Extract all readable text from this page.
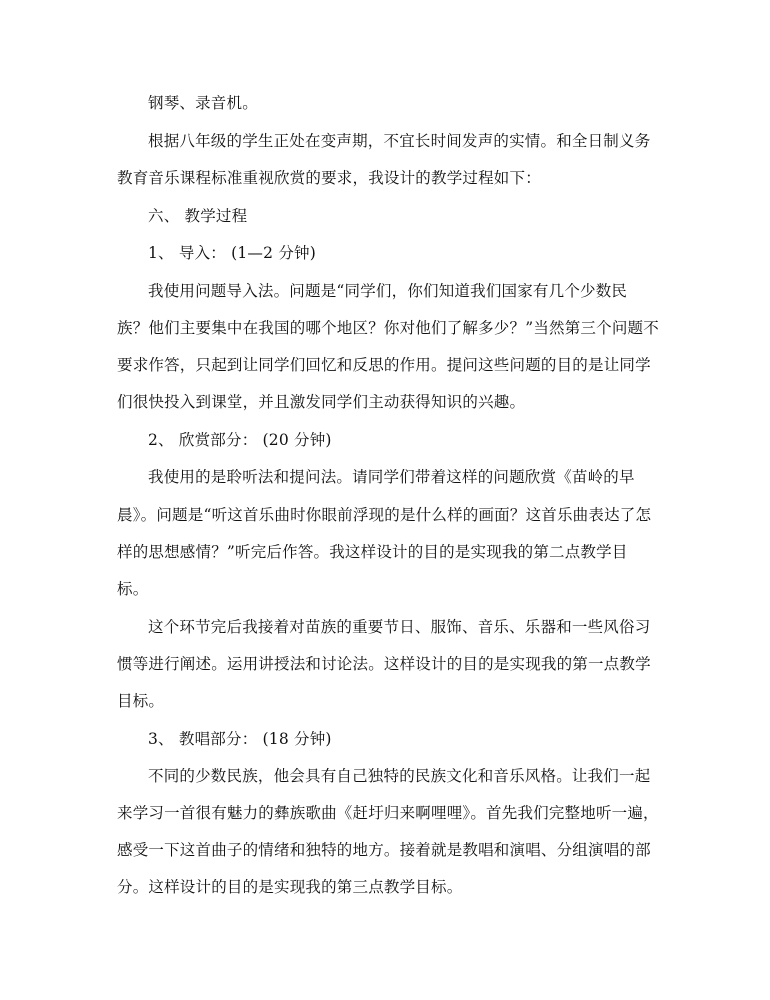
钢琴、录音机。
根据八年级的学生正处在变声期，不宜长时间发声的实情。和全日制义务
教育音乐课程标准重视欣赏的要求，我设计的教学过程如下：
六、 教学过程
1、 导入： (1—2 分钟)
我使用问题导入法。问题是“同学们，你们知道我们国家有几个少数民
族？他们主要集中在我国的哪个地区？你对他们了解多少？”当然第三个问题不
要求作答，只起到让同学们回忆和反思的作用。提问这些问题的目的是让同学
们很快投入到课堂，并且激发同学们主动获得知识的兴趣。
2、 欣赏部分： (20 分钟)
我使用的是聆听法和提问法。请同学们带着这样的问题欣赏《苗岭的早
晨》。问题是“听这首乐曲时你眼前浮现的是什么样的画面？这首乐曲表达了怎
样的思想感情？”听完后作答。我这样设计的目的是实现我的第二点教学目
标。
这个环节完后我接着对苗族的重要节日、服饰、音乐、乐器和一些风俗习
惯等进行阐述。运用讲授法和讨论法。这样设计的目的是实现我的第一点教学
目标。
3、 教唱部分： (18 分钟)
不同的少数民族，他会具有自己独特的民族文化和音乐风格。让我们一起
来学习一首很有魅力的彝族歌曲《赶圩归来啊哩哩》。首先我们完整地听一遍，
感受一下这首曲子的情绪和独特的地方。接着就是教唱和演唱、分组演唱的部
分。这样设计的目的是实现我的第三点教学目标。
